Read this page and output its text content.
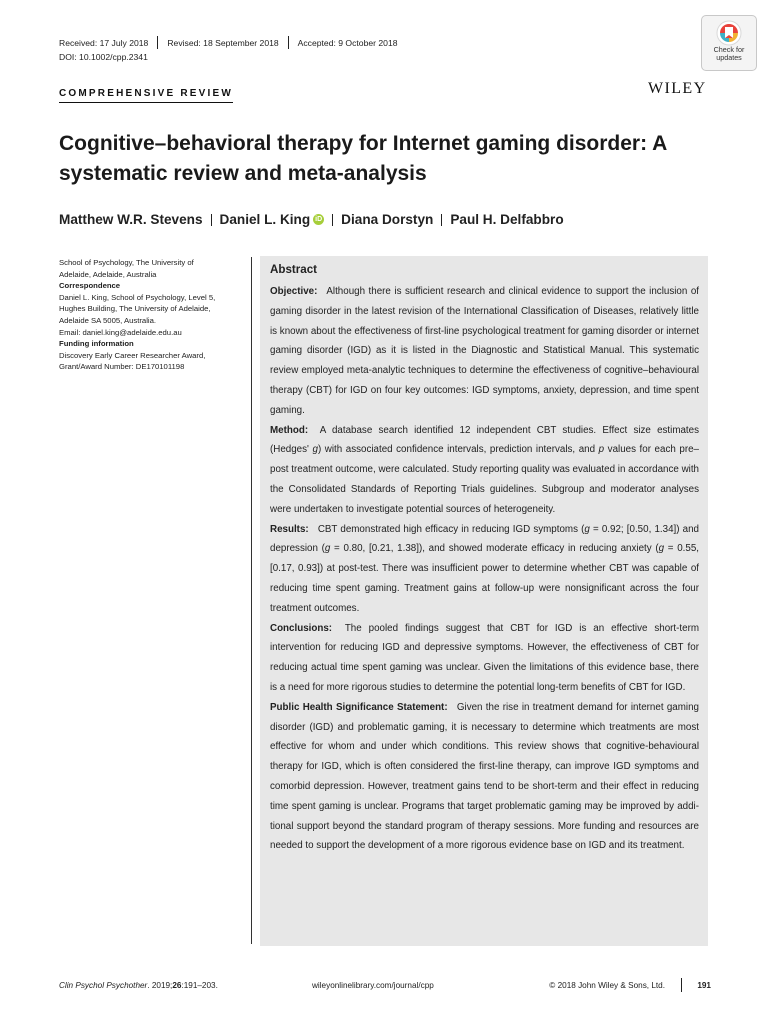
Received: 17 July 2018 Revised: 18 September 2018 Accepted: 9 October 2018
DOI: 10.1002/cpp.2341
Check for
updates
COMPREHENSIVE REVIEW	WILEY
Cognitive–behavioral therapy for Internet gaming disorder: A
systematic review and meta-analysis
Matthew W.R. Stevens Daniel L. King iD Diana Dorstyn Paul H. Delfabbro

School of Psychology, The University of
Adelaide, Adelaide, Australia

Correspondence

Daniel L. King, School of Psychology, Level 5,
Hughes Building, The University of Adelaide,
Adelaide SA 5005, Australia.
Email: daniel.king@adelaide.edu.au

Funding information

Discovery Early Career Researcher Award,
Grant/Award Number: DE170101198

Abstract

Objective: Although there is sufficient research and clinical evidence to support the inclusion of gaming disorder in the latest revision of the International Classification of Diseases, relatively little is known about the effectiveness of first-line psychological treatment for gaming disorder or internet gaming disorder (IGD) as it is listed in the Diagnostic and Statistical Manual. This systematic review employed meta-analytic techniques to determine the effectiveness of cognitive–behavioural therapy (CBT) for IGD on four key outcomes: IGD symptoms, anxiety, depression, and time spent gaming.

Method: A database search identified 12 independent CBT studies. Effect size estimates (Hedges' g) with associated confidence intervals, prediction intervals, and p values for each pre–post treatment outcome, were calculated. Study reporting quality was evaluated in accordance with the Consolidated Standards of Reporting Trials guidelines. Subgroup and moderator analyses were undertaken to investigate potential sources of heterogeneity.

Results: CBT demonstrated high efficacy in reducing IGD symptoms (g = 0.92; [0.50, 1.34]) and depression (g = 0.80, [0.21, 1.38]), and showed moderate efficacy in reducing anxiety (g = 0.55, [0.17, 0.93]) at post-test. There was insufficient power to determine whether CBT was capable of reducing time spent gaming. Treatment gains at follow-up were nonsignificant across the four treatment outcomes.

Conclusions: The pooled findings suggest that CBT for IGD is an effective short-term intervention for reducing IGD and depressive symptoms. However, the effectiveness of CBT for reducing actual time spent gaming was unclear. Given the limitations of this evidence base, there is a need for more rigorous studies to determine the potential long-term benefits of CBT for IGD.

Public Health Significance Statement: Given the rise in treatment demand for internet gaming disorder (IGD) and problematic gaming, it is necessary to determine which treatments are most effective for whom and under which conditions. This review shows that cognitive-behavioural therapy for IGD, which is often considered the first-line therapy, can improve IGD symptoms and comorbid depression. However, treatment gains tend to be short-term and their effect in reducing time spent gaming is unclear. Programs that target problematic gaming may be improved by additional support beyond the standard program of therapy sessions. More funding and resources are needed to support the development of a more rigorous evidence base on IGD and its treatment.

Clin Psychol Psychother. 2019;26:191–203.	wileyonlinelibrary.com/journal/cpp	© 2018 John Wiley & Sons, Ltd.	191
